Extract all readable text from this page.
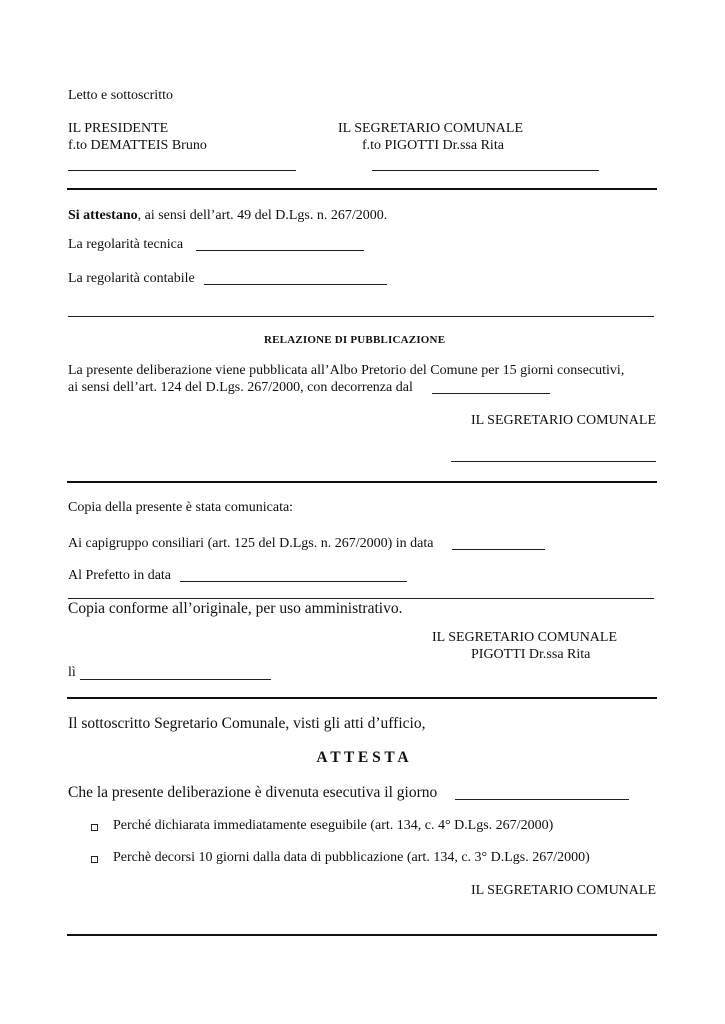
Letto e sottoscritto
IL PRESIDENTE
f.to DEMATTEIS Bruno
IL SEGRETARIO COMUNALE
f.to PIGOTTI Dr.ssa Rita
Si attestano, ai sensi dell’art. 49 del D.Lgs. n. 267/2000.
La regolarità tecnica
La regolarità contabile
RELAZIONE DI PUBBLICAZIONE
La presente deliberazione viene pubblicata all’Albo Pretorio del Comune per 15 giorni consecutivi,
ai sensi dell’art. 124 del D.Lgs. 267/2000, con decorrenza dal
IL SEGRETARIO COMUNALE
Copia della presente è stata comunicata:
Ai capigruppo consiliari (art. 125 del D.Lgs. n. 267/2000) in data
Al Prefetto in data
Copia conforme all’originale, per uso amministrativo.
IL SEGRETARIO COMUNALE
PIGOTTI Dr.ssa Rita
lì
Il sottoscritto Segretario Comunale, visti gli atti d’ufficio,
A T T E S T A
Che la presente deliberazione è divenuta esecutiva il giorno
Perché dichiarata immediatamente eseguibile (art. 134, c. 4° D.Lgs. 267/2000)
Perchè decorsi 10 giorni dalla data di pubblicazione (art. 134, c. 3° D.Lgs. 267/2000)
IL SEGRETARIO COMUNALE
